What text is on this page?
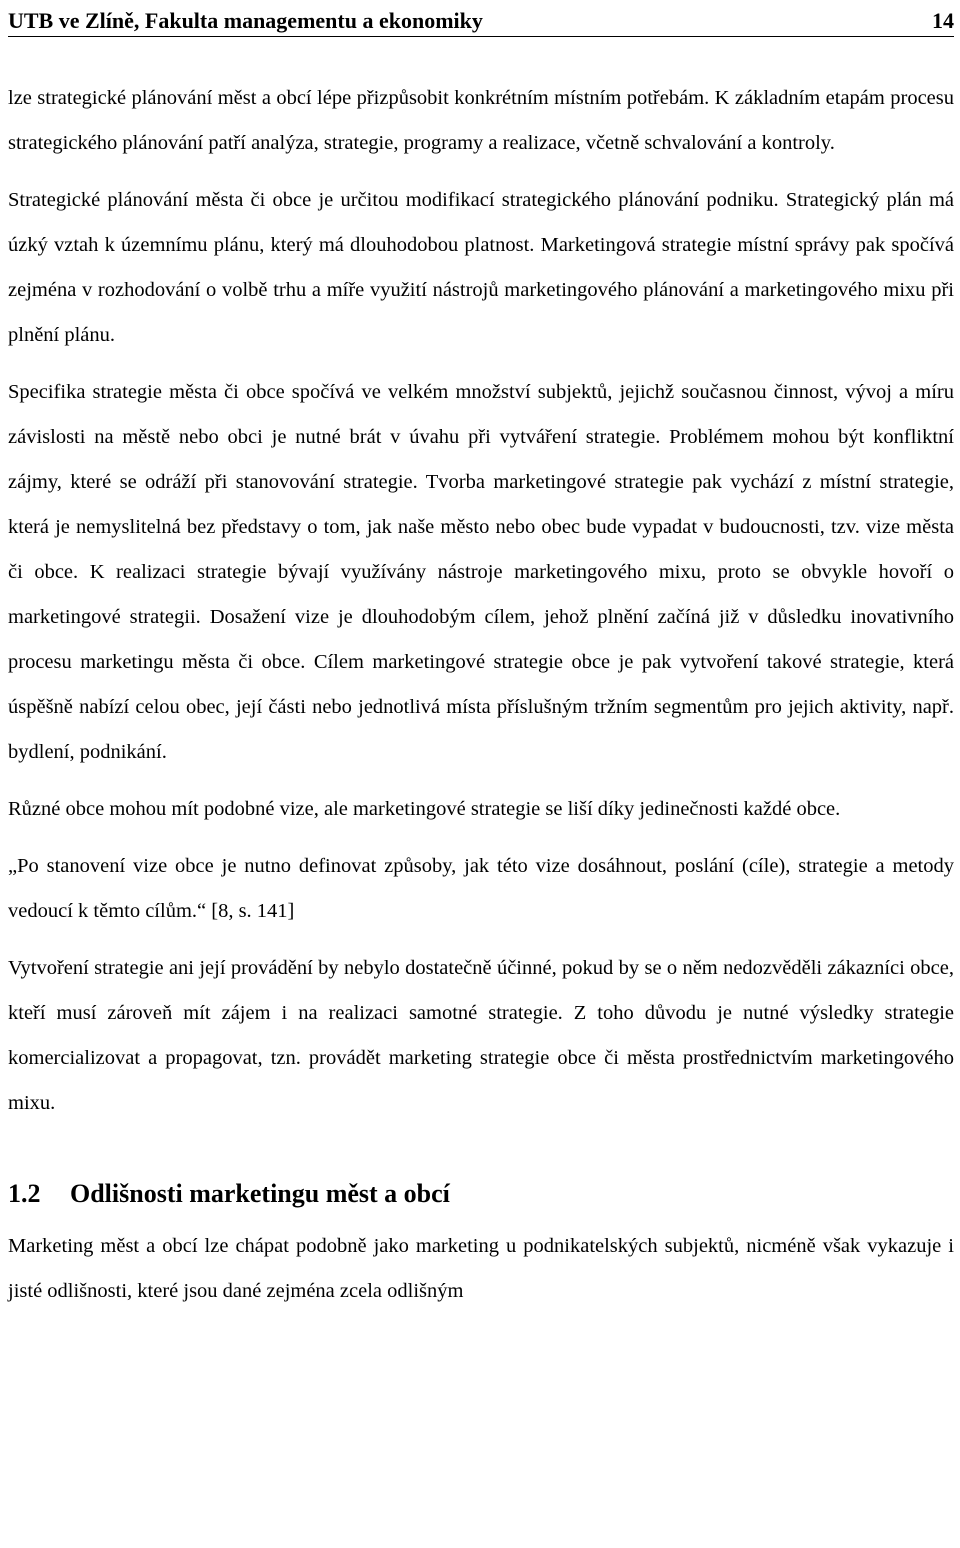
UTB ve Zlíně, Fakulta managementu a ekonomiky	14

lze strategické plánování měst a obcí lépe přizpůsobit konkrétním místním potřebám. K základním etapám procesu strategického plánování patří analýza, strategie, programy a realizace, včetně schvalování a kontroly.

Strategické plánování města či obce je určitou modifikací strategického plánování podniku. Strategický plán má úzký vztah k územnímu plánu, který má dlouhodobou platnost. Marketingová strategie místní správy pak spočívá zejména v rozhodování o volbě trhu a míře využití nástrojů marketingového plánování a marketingového mixu při plnění plánu.

Specifika strategie města či obce spočívá ve velkém množství subjektů, jejichž současnou činnost, vývoj a míru závislosti na městě nebo obci je nutné brát v úvahu při vytváření strategie. Problémem mohou být konfliktní zájmy, které se odráží při stanovování strategie. Tvorba marketingové strategie pak vychází z místní strategie, která je nemyslitelná bez představy o tom, jak naše město nebo obec bude vypadat v budoucnosti, tzv. vize města či obce. K realizaci strategie bývají využívány nástroje marketingového mixu, proto se obvykle hovoří o marketingové strategii. Dosažení vize je dlouhodobým cílem, jehož plnění začíná již v důsledku inovativního procesu marketingu města či obce. Cílem marketingové strategie obce je pak vytvoření takové strategie, která úspěšně nabízí celou obec, její části nebo jednotlivá místa příslušným tržním segmentům pro jejich aktivity, např. bydlení, podnikání.

Různé obce mohou mít podobné vize, ale marketingové strategie se liší díky jedinečnosti každé obce.

„Po stanovení vize obce je nutno definovat způsoby, jak této vize dosáhnout, poslání (cíle), strategie a metody vedoucí k těmto cílům.“ [8, s. 141]

Vytvoření strategie ani její provádění by nebylo dostatečně účinné, pokud by se o něm nedozvěděli zákazníci obce, kteří musí zároveň mít zájem i na realizaci samotné strategie. Z toho důvodu je nutné výsledky strategie komercializovat a propagovat, tzn. provádět marketing strategie obce či města prostřednictvím marketingového mixu.

1.2	Odlišnosti marketingu měst a obcí

Marketing měst a obcí lze chápat podobně jako marketing u podnikatelských subjektů, nicméně však vykazuje i jisté odlišnosti, které jsou dané zejména zcela odlišným
